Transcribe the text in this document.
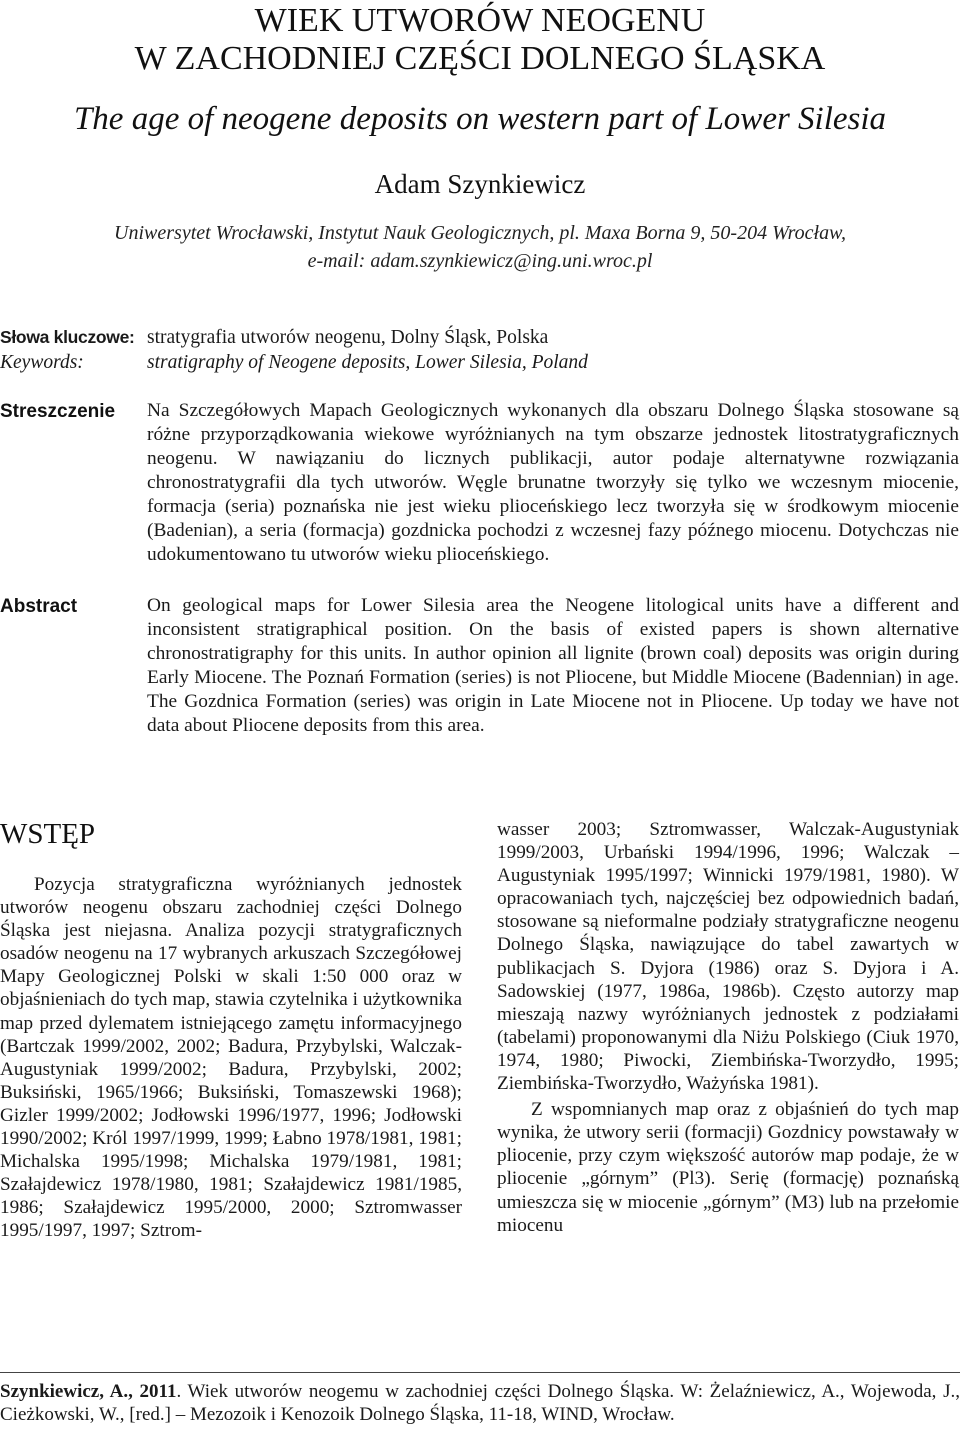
WIEK UTWORÓW NEOGENU
W ZACHODNIEJ CZĘŚCI DOLNEGO ŚLĄSKA
The age of neogene deposits on western part of Lower Silesia
Adam Szynkiewicz
Uniwersytet Wrocławski, Instytut Nauk Geologicznych, pl. Maxa Borna 9, 50-204 Wrocław,
e-mail: adam.szynkiewicz@ing.uni.wroc.pl
Słowa kluczowe: stratygrafia utworów neogenu, Dolny Śląsk, Polska
Keywords:	stratigraphy of Neogene deposits, Lower Silesia, Poland
Streszczenie Na Szczegółowych Mapach Geologicznych wykonanych dla obszaru Dolnego Śląska stosowane są różne przyporządkowania wiekowe wyróżnianych na tym obszarze jednostek litostratygraficznych neogenu. W nawiązaniu do licznych publikacji, autor podaje alternatywne rozwiązania chronostratygrafii dla tych utworów. Węgle brunatne tworzyły się tylko we wczesnym miocenie, formacja (seria) poznańska nie jest wieku plioceńskiego lecz tworzyła się w środkowym miocenie (Badenian), a seria (formacja) gozdnicka pochodzi z wczesnej fazy późnego miocenu. Dotychczas nie udokumentowano tu utworów wieku plioceńskiego.

Abstract	On geological maps for Lower Silesia area the Neogene litological units have a different and inconsistent stratigraphical position. On the basis of existed papers is shown alternative chronostratigraphy for this units. In author opinion all lignite (brown coal) deposits was origin during Early Miocene. The Poznań Formation (series) is not Pliocene, but Middle Miocene (Badennian) in age. The Gozdnica Formation (series) was origin in Late Miocene not in Pliocene. Up today we have not data about Pliocene deposits from this area.

WSTĘP

Pozycja stratygraficzna wyróżnianych jednostek utworów neogenu obszaru zachodniej części Dolnego Śląska jest niejasna. Analiza pozycji stratygraficznych osadów neogenu na 17 wybranych arkuszach Szczegółowej Mapy Geologicznej Polski w skali 1:50 000 oraz w objaśnieniach do tych map, stawia czytelnika i użytkownika map przed dylematem istniejącego zamętu informacyjnego (Bartczak 1999/2002, 2002; Badura, Przybylski, Walczak-Augustyniak 1999/2002; Badura, Przybylski, 2002; Buksiński, 1965/1966; Buksiński, Tomaszewski 1968); Gizler 1999/2002; Jodłowski 1996/1977, 1996; Jodłowski 1990/2002; Król 1997/1999, 1999; Łabno 1978/1981, 1981; Michalska 1995/1998; Michalska 1979/1981, 1981; Szałajdewicz 1978/1980, 1981; Szałajdewicz 1981/1985, 1986; Szałajdewicz 1995/2000, 2000; Sztromwasser 1995/1997, 1997; Sztrom-

wasser 2003; Sztromwasser, Walczak-Augustyniak 1999/2003, Urbański 1994/1996, 1996; Walczak – Augustyniak 1995/1997; Winnicki 1979/1981, 1980). W opracowaniach tych, najczęściej bez odpowiednich badań, stosowane są nieformalne podziały stratygraficzne neogenu Dolnego Śląska, nawiązujące do tabel zawartych w publikacjach S. Dyjora (1986) oraz S. Dyjora i A. Sadowskiej (1977, 1986a, 1986b). Często autorzy map mieszają nazwy wyróżnianych jednostek z podziałami (tabelami) proponowanymi dla Niżu Polskiego (Ciuk 1970, 1974, 1980; Piwocki, Ziembińska-Tworzydło, 1995; Ziembińska-Tworzydło, Ważyńska 1981).

Z wspomnianych map oraz z objaśnień do tych map wynika, że utwory serii (formacji) Gozdnicy powstawały w pliocenie, przy czym większość autorów map podaje, że w pliocenie „górnym” (Pl3). Serię (formację) poznańską umieszcza się w miocenie „górnym” (M3) lub na przełomie miocenu

Szynkiewicz, A., 2011. Wiek utworów neogemu w zachodniej części Dolnego Śląska. W: Żelaźniewicz, A., Wojewoda, J., Cieżkowski, W., [red.] – Mezozoik i Kenozoik Dolnego Śląska, 11-18, WIND, Wrocław.
